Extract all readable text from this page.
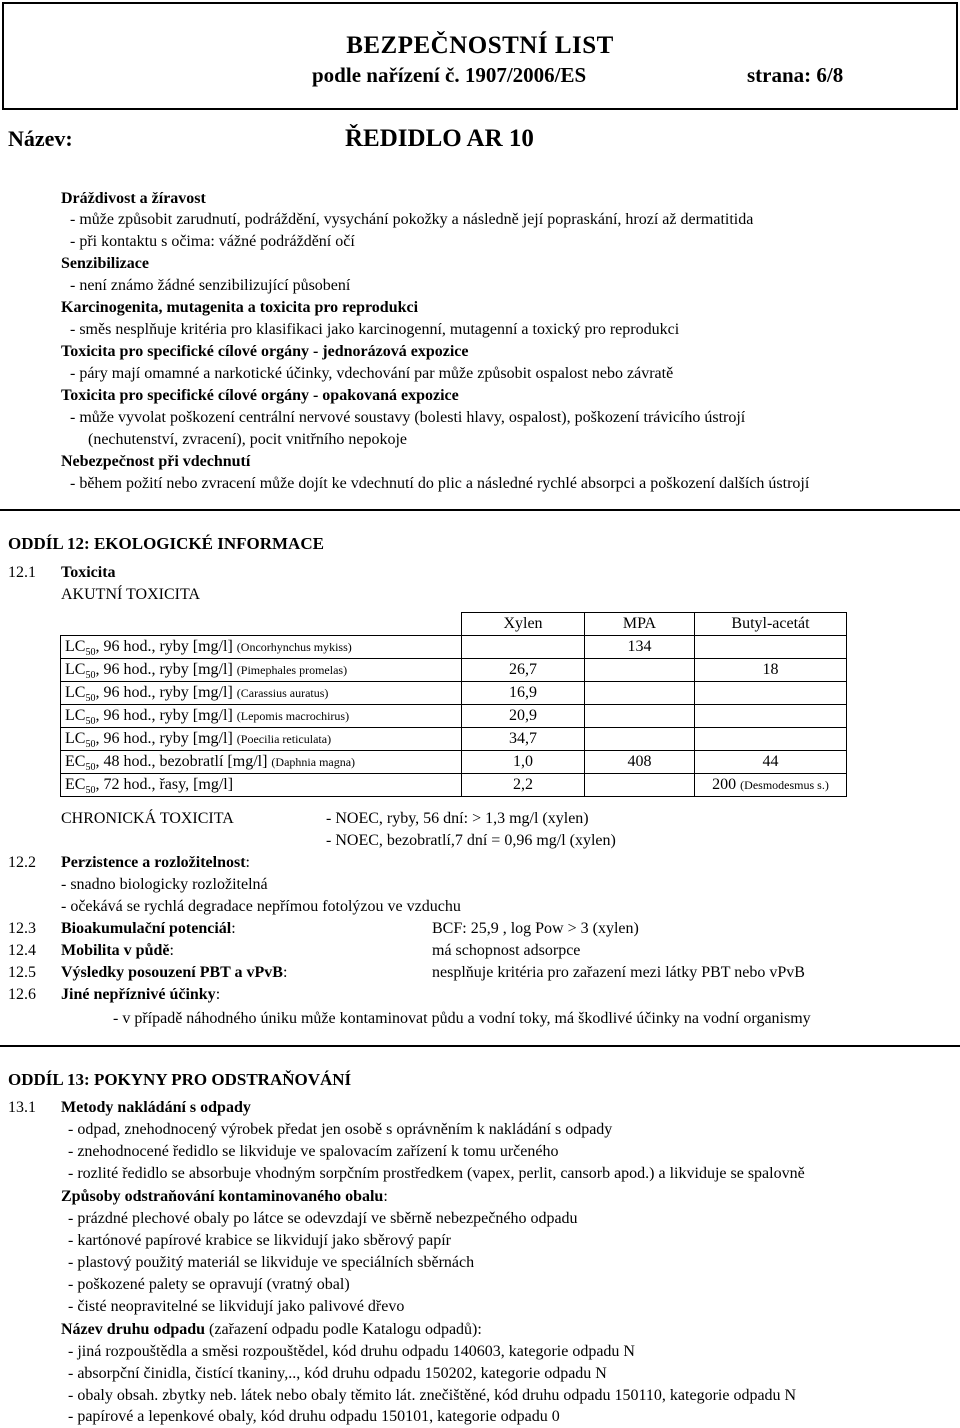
BEZPEČNOSTNÍ LIST
podle nařízení č. 1907/2006/ES	strana: 6/8
Název:	ŘEDIDLO AR 10
Dráždivost a žíravost
- může způsobit zarudnutí, podráždění, vysychání pokožky a následně její popraskání, hrozí až dermatitida
- při kontaktu s očima: vážné podráždění očí
Senzibilizace
- není známo žádné senzibilizující působení
Karcinogenita, mutagenita a toxicita pro reprodukci
- směs nesplňuje kritéria pro klasifikaci jako karcinogenní, mutagenní a toxický pro reprodukci
Toxicita pro specifické cílové orgány - jednorázová expozice
- páry mají omamné a narkotické účinky, vdechování par může způsobit ospalost nebo závratě
Toxicita pro specifické cílové orgány - opakovaná expozice
- může vyvolat poškození centrální nervové soustavy (bolesti hlavy, ospalost), poškození trávicího ústrojí
(nechutenství, zvracení), pocit vnitřního nepokoje
Nebezpečnost při vdechnutí
- během požití nebo zvracení může dojít ke vdechnutí do plic a následné rychlé absorpci a poškození dalších ústrojí
ODDÍL 12: EKOLOGICKÉ INFORMACE
12.1 Toxicita
AKUTNÍ TOXICITA
	Xylen	MPA	Butyl-acetát
$LC_{50}$, 96 hod., ryby [mg/l] (Oncorhynchus mykiss)		134	
$LC_{50}$, 96 hod., ryby [mg/l] (Pimephales promelas)	26,7		18
$LC_{50}$, 96 hod., ryby [mg/l] (Carassius auratus)	16,9		
$LC_{50}$, 96 hod., ryby [mg/l] (Lepomis macrochirus)	20,9		
$LC_{50}$, 96 hod., ryby [mg/l] (Poecilia reticulata)	34,7		
$EC_{50}$, 48 hod., bezobratlí [mg/l] (Daphnia magna)	1,0	408	44
$EC_{50}$, 72 hod., řasy, [mg/l]	2,2		200 (Desmodesmus s.)
CHRONICKÁ TOXICITA	- NOEC, ryby, 56 dní: > 1,3 mg/l (xylen)
- NOEC, bezobratlí,7 dní = 0,96 mg/l (xylen)
12.2 Perzistence a rozložitelnost:
- snadno biologicky rozložitelná
- očekává se rychlá degradace nepřímou fotolýzou ve vzduchu
12.3 Bioakumulační potenciál:	BCF: 25,9 , log Pow > 3 (xylen)
12.4 Mobilita v půdě:	má schopnost adsorpce
12.5 Výsledky posouzení PBT a vPvB:	nesplňuje kritéria pro zařazení mezi látky PBT nebo vPvB
12.6 Jiné nepříznivé účinky:
- v případě náhodného úniku může kontaminovat půdu a vodní toky, má škodlivé účinky na vodní organismy
ODDÍL 13: POKYNY PRO ODSTRAŇOVÁNÍ
13.1 Metody nakládání s odpady
- odpad, znehodnocený výrobek předat jen osobě s oprávněním k nakládání s odpady
- znehodnocené ředidlo se likviduje ve spalovacím zařízení k tomu určeného
- rozlité ředidlo se absorbuje vhodným sorpčním prostředkem (vapex, perlit, cansorb apod.) a likviduje se spalovně
Způsoby odstraňování kontaminovaného obalu:
- prázdné plechové obaly po látce se odevzdají ve sběrně nebezpečného odpadu
- kartónové papírové krabice se likvidují jako sběrový papír
- plastový použitý materiál se likviduje ve speciálních sběrnách
- poškozené palety se opravují (vratný obal)
- čisté neopravitelné se likvidují jako palivové dřevo
Název druhu odpadu (zařazení odpadu podle Katalogu odpadů):
- jiná rozpouštědla a směsi rozpouštědel, kód druhu odpadu 140603, kategorie odpadu N
- absorpční činidla, čistící tkaniny,.., kód druhu odpadu 150202, kategorie odpadu N
- obaly obsah. zbytky neb. látek nebo obaly těmito lát. znečištěné, kód druhu odpadu 150110, kategorie odpadu N
- papírové a lepenkové obaly, kód druhu odpadu 150101, kategorie odpadu 0
